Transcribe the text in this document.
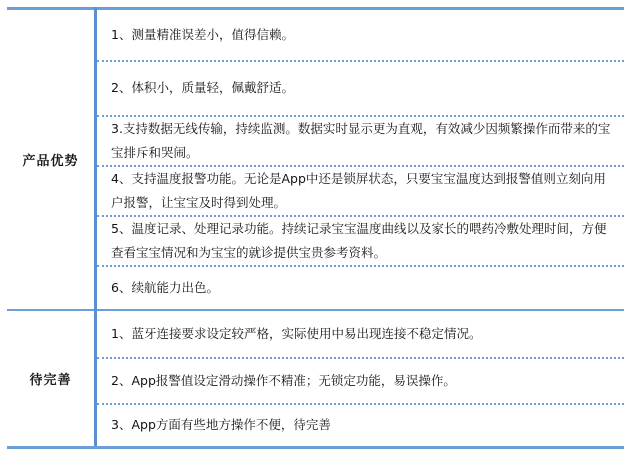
产品优势	1、测量精准误差小，值得信赖。

	2、体积小，质量轻，佩戴舒适。

	3.支持数据无线传输，持续监测。数据实时显示更为直观，有效减少因频繁操作而带来的宝宝排斥和哭闹。

	4、支持温度报警功能。无论是App中还是锁屏状态，只要宝宝温度达到报警值则立刻向用户报警，让宝宝及时得到处理。

	5、温度记录、处理记录功能。持续记录宝宝温度曲线以及家长的喂药冷敷处理时间，方便查看宝宝情况和为宝宝的就诊提供宝贵参考资料。

	6、续航能力出色。

待完善	1、蓝牙连接要求设定较严格，实际使用中易出现连接不稳定情况。

	2、App报警值设定滑动操作不精准；无锁定功能，易误操作。

	3、App方面有些地方操作不便，待完善
